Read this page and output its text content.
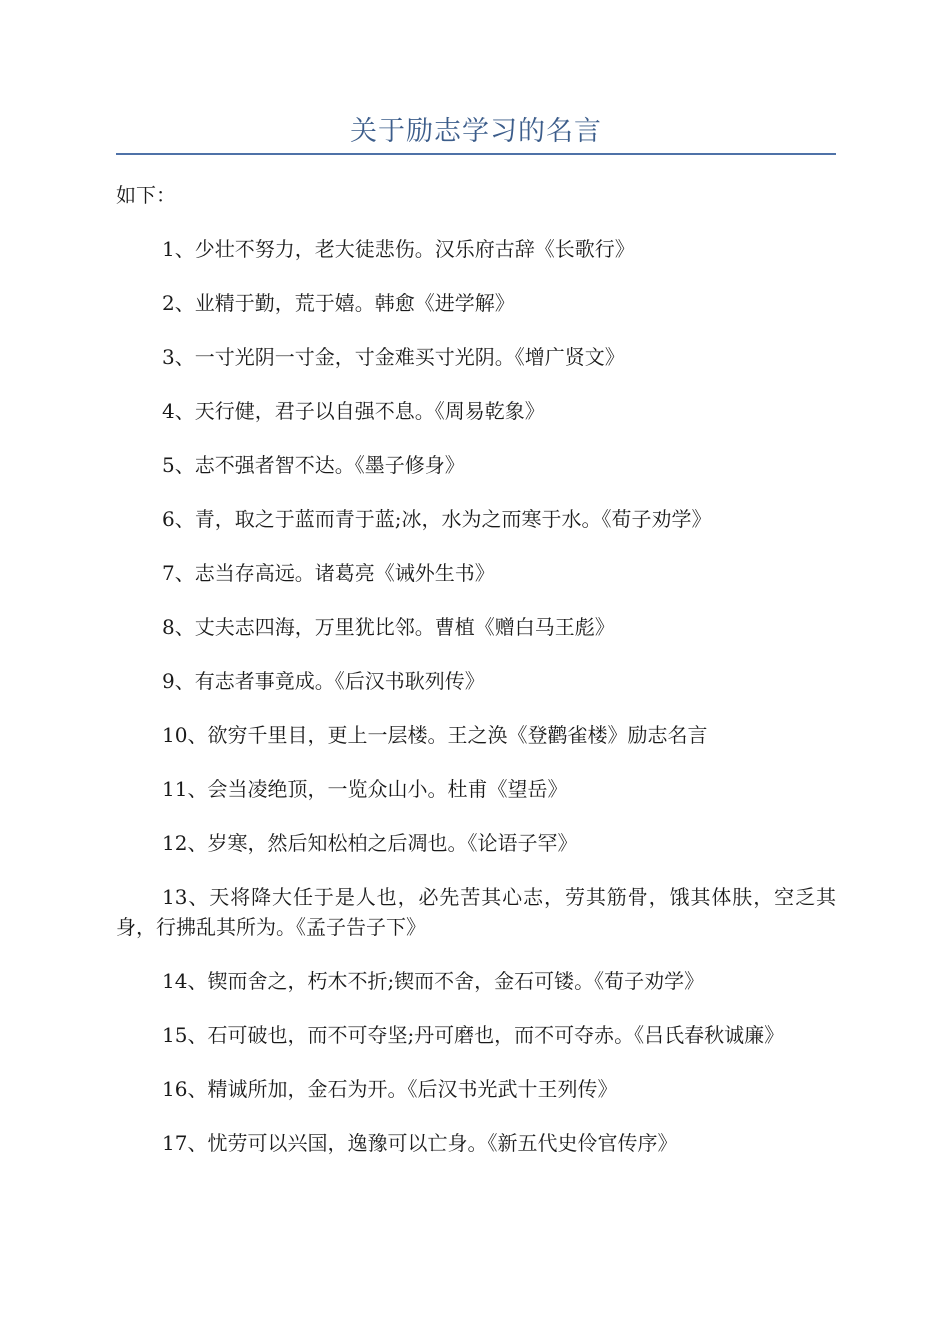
关于励志学习的名言
如下：
1、少壮不努力，老大徒悲伤。汉乐府古辞《长歌行》
2、业精于勤，荒于嬉。韩愈《进学解》
3、一寸光阴一寸金，寸金难买寸光阴。《增广贤文》
4、天行健，君子以自强不息。《周易乾象》
5、志不强者智不达。《墨子修身》
6、青，取之于蓝而青于蓝;冰，水为之而寒于水。《荀子劝学》
7、志当存高远。诸葛亮《诫外生书》
8、丈夫志四海，万里犹比邻。曹植《赠白马王彪》
9、有志者事竟成。《后汉书耿列传》
10、欲穷千里目，更上一层楼。王之涣《登鹳雀楼》励志名言
11、会当凌绝顶，一览众山小。杜甫《望岳》
12、岁寒，然后知松柏之后凋也。《论语子罕》
13、天将降大任于是人也，必先苦其心志，劳其筋骨，饿其体肤，空乏其身，行拂乱其所为。《孟子告子下》
14、锲而舍之，朽木不折;锲而不舍，金石可镂。《荀子劝学》
15、石可破也，而不可夺坚;丹可磨也，而不可夺赤。《吕氏春秋诚廉》
16、精诚所加，金石为开。《后汉书光武十王列传》
17、忧劳可以兴国，逸豫可以亡身。《新五代史伶官传序》
